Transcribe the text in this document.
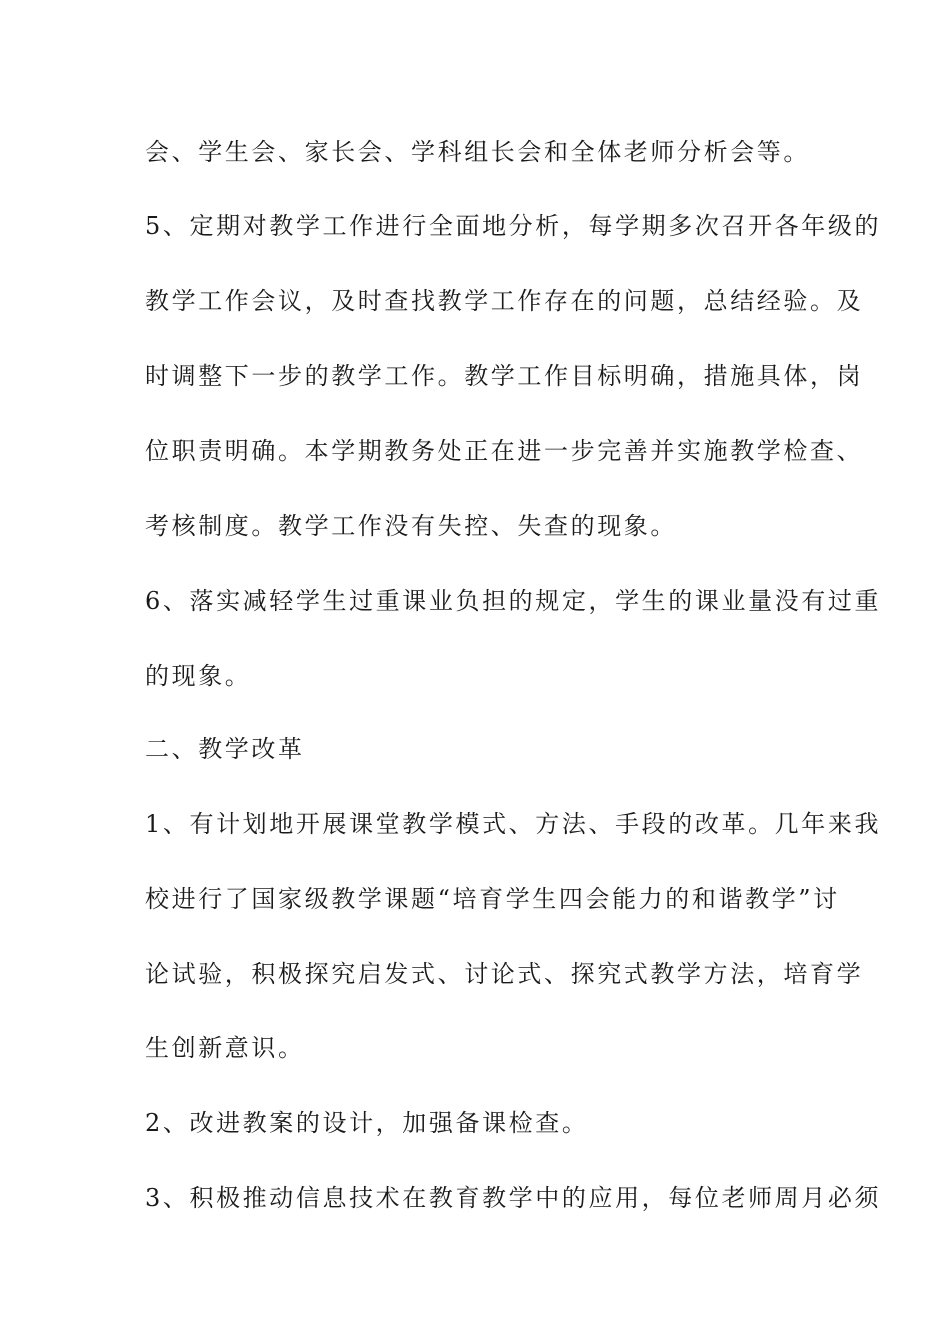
会、学生会、家长会、学科组长会和全体老师分析会等。
5、定期对教学工作进行全面地分析，每学期多次召开各年级的
教学工作会议，及时查找教学工作存在的问题，总结经验。及
时调整下一步的教学工作。教学工作目标明确，措施具体，岗
位职责明确。本学期教务处正在进一步完善并实施教学检查、
考核制度。教学工作没有失控、失查的现象。
6、落实减轻学生过重课业负担的规定，学生的课业量没有过重
的现象。
二、教学改革
1、有计划地开展课堂教学模式、方法、手段的改革。几年来我
校进行了国家级教学课题“培育学生四会能力的和谐教学”讨
论试验，积极探究启发式、讨论式、探究式教学方法，培育学
生创新意识。
2、改进教案的设计，加强备课检查。
3、积极推动信息技术在教育教学中的应用，每位老师周月必须
